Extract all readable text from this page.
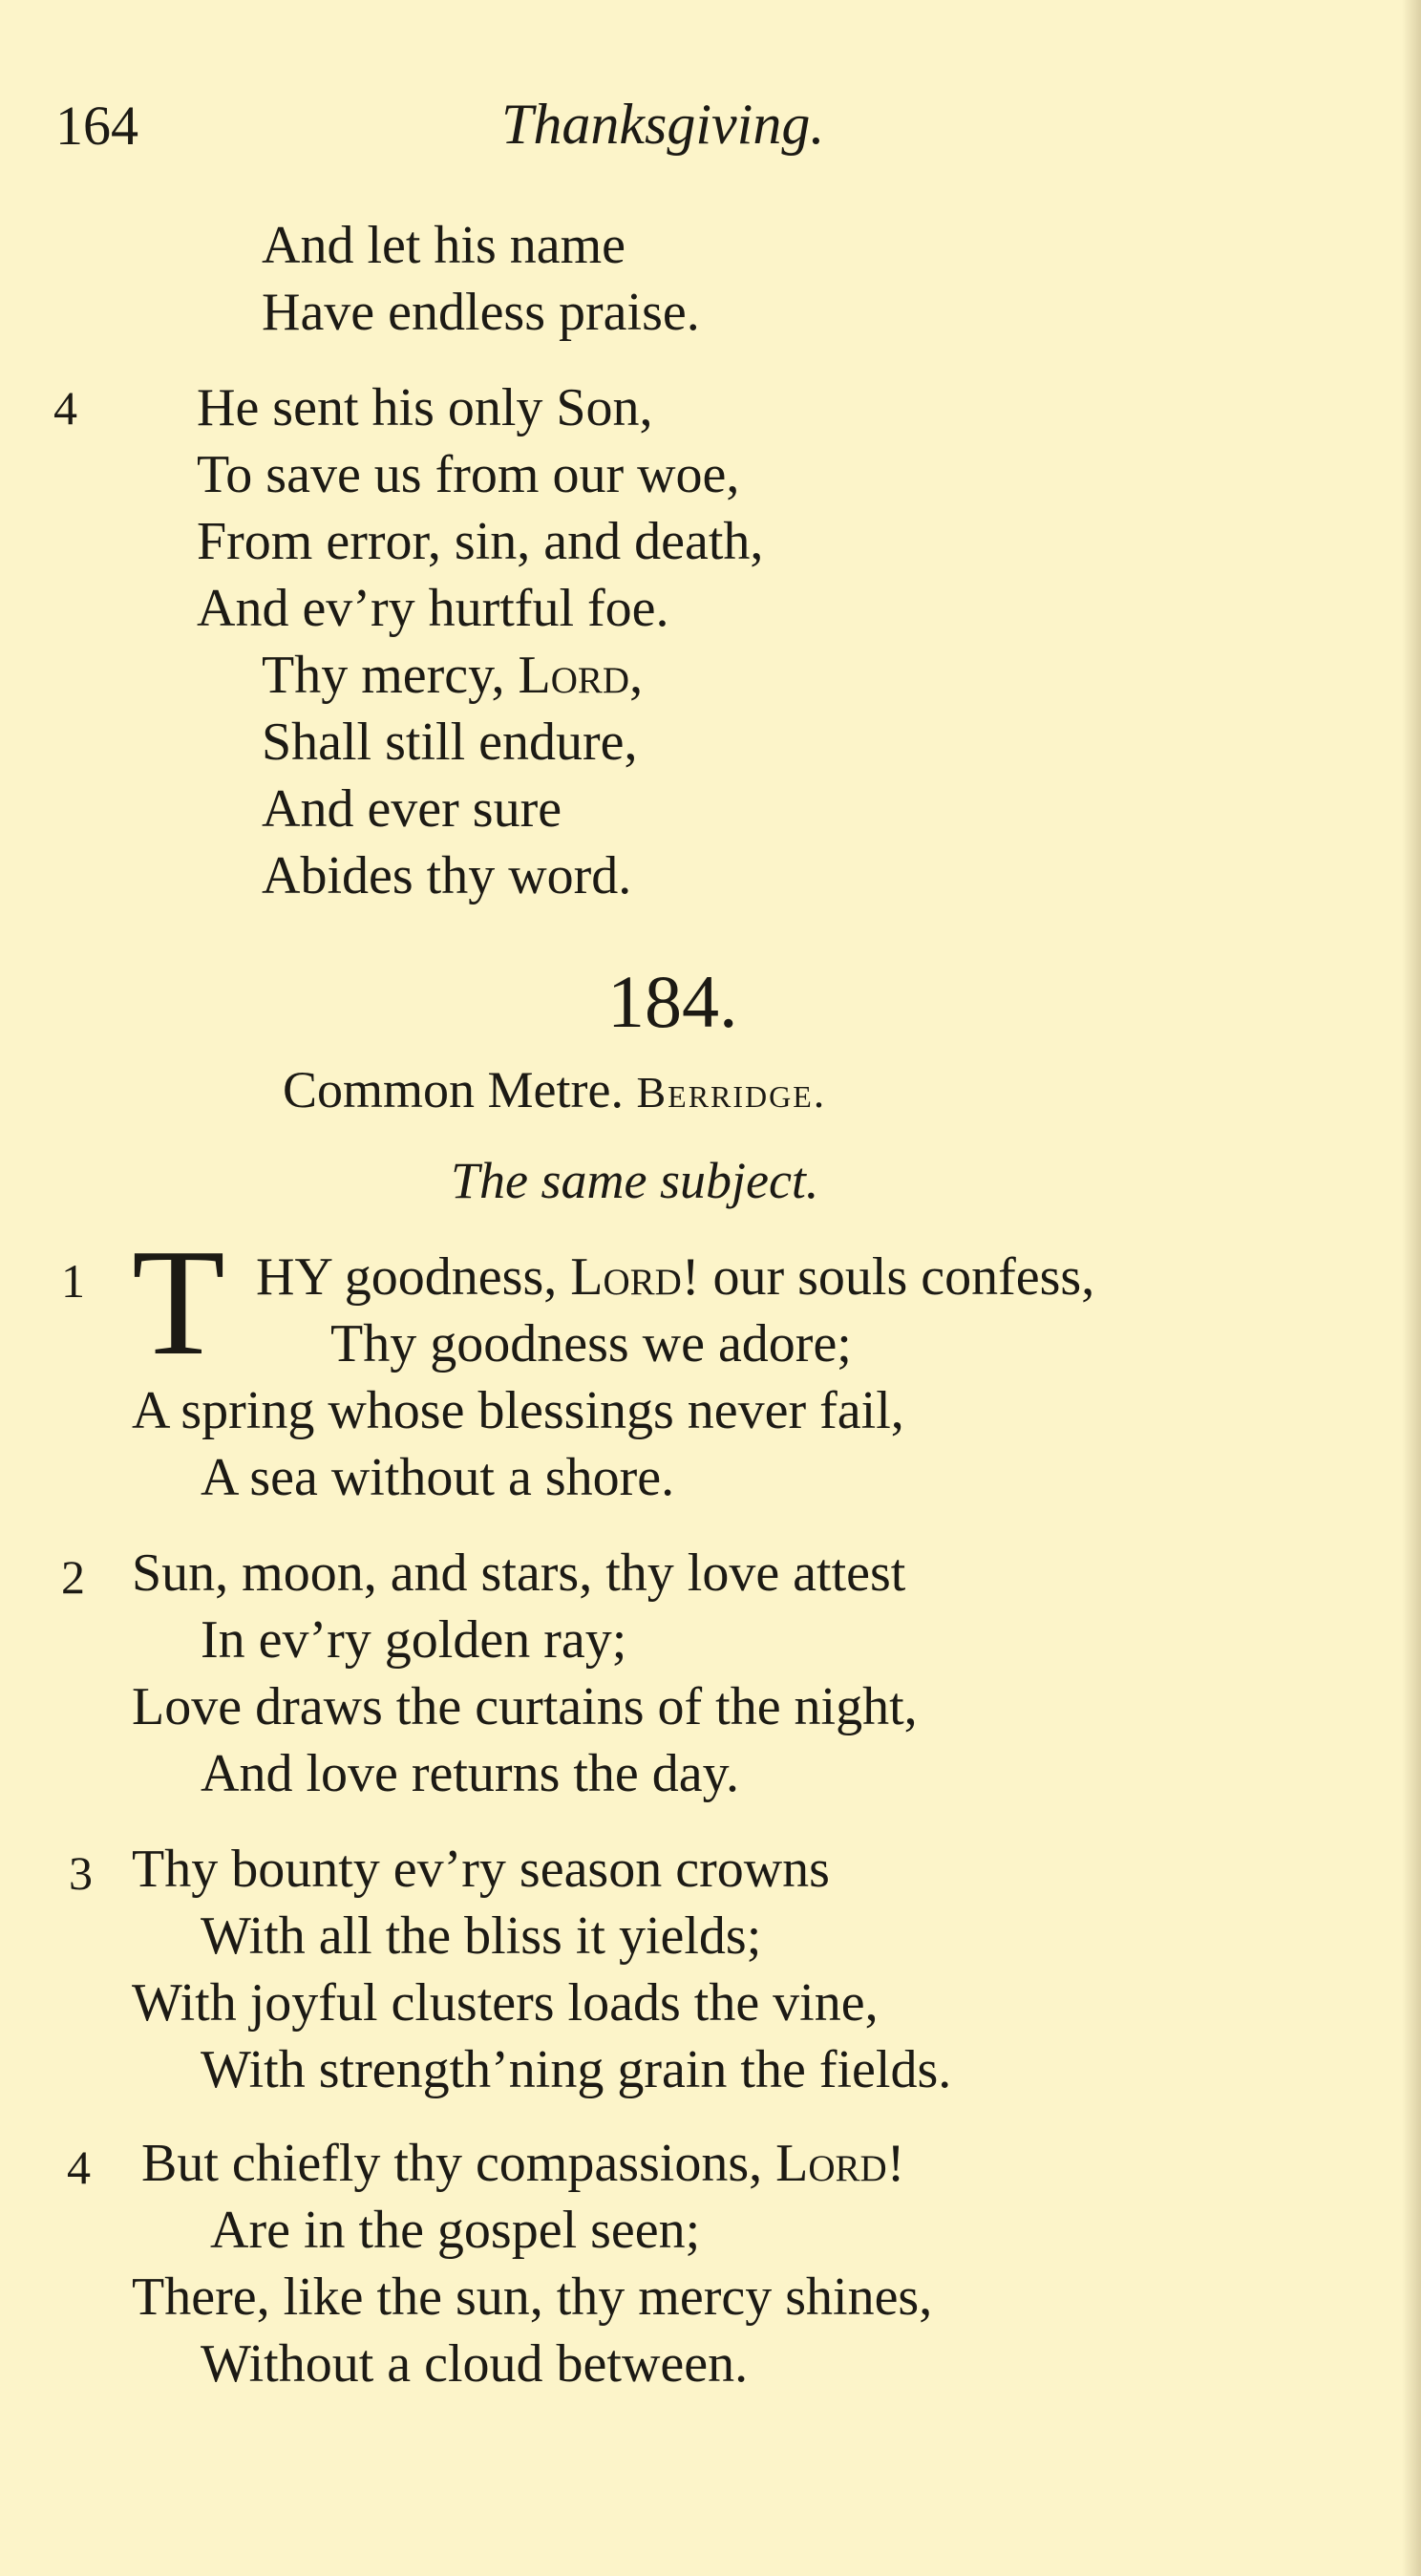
164	Thanksgiving.
And let his name
Have endless praise.
4 He sent his only Son,
To save us from our woe,
From error, sin, and death,
And ev’ry hurtful foe.
Thy mercy, Lord,
Shall still endure,
And ever sure
Abides thy word.
184.
Common Metre. Berridge.
The same subject.
1 T HY goodness, Lord! our souls confess,
Thy goodness we adore;
A spring whose blessings never fail,
A sea without a shore.
2 Sun, moon, and stars, thy love attest
In ev’ry golden ray;
Love draws the curtains of the night,
And love returns the day.
3 Thy bounty ev’ry season crowns
With all the bliss it yields;
With joyful clusters loads the vine,
With strength’ning grain the fields.
4 But chiefly thy compassions, Lord!
Are in the gospel seen;
There, like the sun, thy mercy shines,
Without a cloud between.
